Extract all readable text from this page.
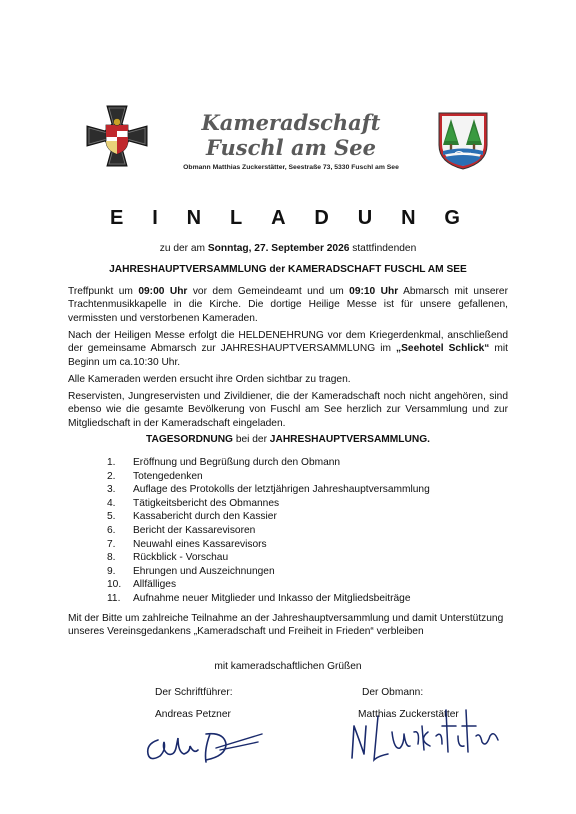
Kameradschaft
Fuschl am See
Obmann Matthias Zuckerstätter, Seestraße 73, 5330 Fuschl am See
E I N L A D U N G
zu der am Sonntag, 27. September 2026 stattfindenden
JAHRESHAUPTVERSAMMLUNG der KAMERADSCHAFT FUSCHL AM SEE
Treffpunkt um 09:00 Uhr vor dem Gemeindeamt und um 09:10 Uhr Abmarsch mit unserer Trachtenmusikkapelle in die Kirche. Die dortige Heilige Messe ist für unsere gefallenen, vermissten und verstorbenen Kameraden.
Nach der Heiligen Messe erfolgt die HELDENEHRUNG vor dem Kriegerdenkmal, anschließend der gemeinsame Abmarsch zur JAHRESHAUPTVERSAMMLUNG im „Seehotel Schlick“ mit Beginn um ca.10:30 Uhr.
Alle Kameraden werden ersucht ihre Orden sichtbar zu tragen.
Reservisten, Jungreservisten und Zivildiener, die der Kameradschaft noch nicht angehören, sind ebenso wie die gesamte Bevölkerung von Fuschl am See herzlich zur Versammlung und zur Mitgliedschaft in der Kameradschaft eingeladen.
TAGESORDNUNG bei der JAHRESHAUPTVERSAMMLUNG.
1. Eröffnung und Begrüßung durch den Obmann
2. Totengedenken
3. Auflage des Protokolls der letztjährigen Jahreshauptversammlung
4. Tätigkeitsbericht des Obmannes
5. Kassabericht durch den Kassier
6. Bericht der Kassarevisoren
7. Neuwahl eines Kassarevisors
8. Rückblick - Vorschau
9. Ehrungen und Auszeichnungen
10. Allfälliges
11. Aufnahme neuer Mitglieder und Inkasso der Mitgliedsbeiträge
Mit der Bitte um zahlreiche Teilnahme an der Jahreshauptversammlung und damit Unterstützung unseres Vereinsgedankens „Kameradschaft und Freiheit in Frieden“ verbleiben
mit kameradschaftlichen Grüßen
Der Schriftführer:
Andreas Petzner
Der Obmann:
Matthias Zuckerstätter
